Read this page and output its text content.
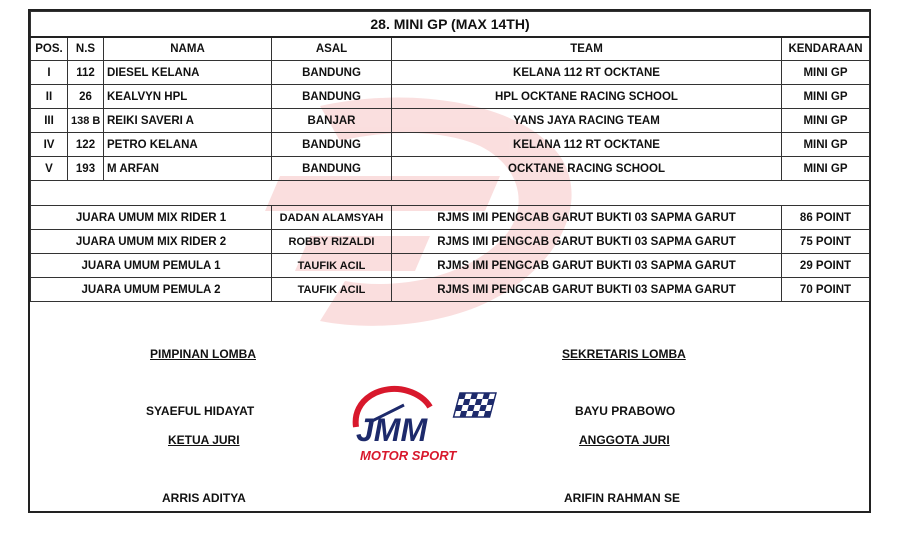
28. MINI GP (MAX 14TH)					
POS.	N.S	NAMA	ASAL	TEAM	KENDARAAN
I	112	DIESEL KELANA	BANDUNG	KELANA 112 RT OCKTANE	MINI GP
II	26	KEALVYN HPL	BANDUNG	HPL OCKTANE RACING SCHOOL	MINI GP
III	138 B	REIKI SAVERI A	BANJAR	YANS JAYA RACING TEAM	MINI GP
IV	122	PETRO KELANA	BANDUNG	KELANA 112 RT OCKTANE	MINI GP
V	193	M ARFAN	BANDUNG	OCKTANE RACING SCHOOL	MINI GP

JUARA UMUM MIX RIDER 1			DADAN ALAMSYAH	RJMS IMI PENGCAB GARUT BUKTI 03 SAPMA GARUT	86 POINT
JUARA UMUM MIX RIDER 2			ROBBY RIZALDI	RJMS IMI PENGCAB GARUT BUKTI 03 SAPMA GARUT	75 POINT
JUARA UMUM PEMULA 1			TAUFIK ACIL	RJMS IMI PENGCAB GARUT BUKTI 03 SAPMA GARUT	29 POINT
JUARA UMUM PEMULA 2			TAUFIK ACIL	RJMS IMI PENGCAB GARUT BUKTI 03 SAPMA GARUT	70 POINT
PIMPINAN LOMBA
SYAEFUL HIDAYAT
KETUA JURI
ARRIS ADITYA
SEKRETARIS LOMBA
BAYU PRABOWO
ANGGOTA JURI
ARIFIN RAHMAN SE
JMM
MOTOR SPORT
